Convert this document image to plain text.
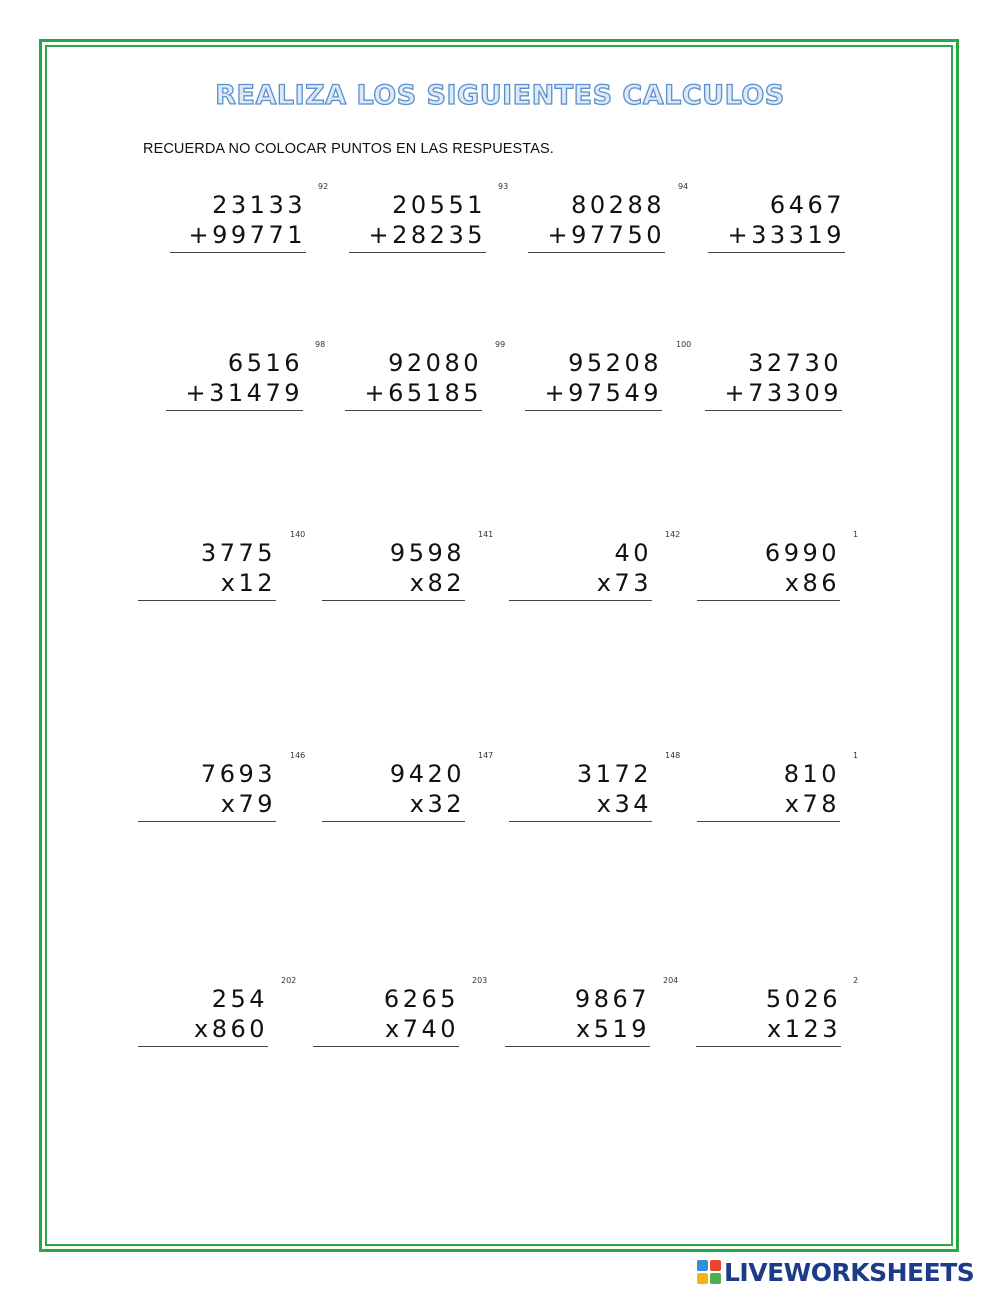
REALIZA LOS SIGUIENTES CALCULOS
RECUERDA NO COLOCAR PUNTOS EN LAS RESPUESTAS.
92
23133
+99771
93
20551
+28235
94
80288
+97750
6467
+33319
98
6516
+31479
99
92080
+65185
100
95208
+97549
32730
+73309
140
3775
x12
141
9598
x82
142
40
x73
1
6990
x86
146
7693
x79
147
9420
x32
148
3172
x34
1
810
x78
202
254
x860
203
6265
x740
204
9867
x519
2
5026
x123
LIVEWORKSHEETS
